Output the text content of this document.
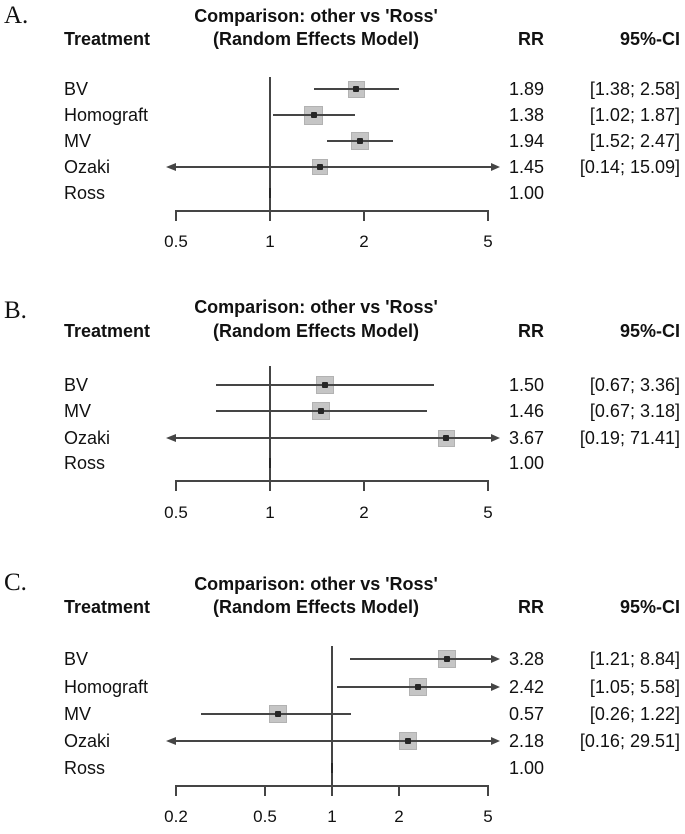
A.	Comparison: other vs 'Ross'
(Random Effects Model)
Treatment	RR	95%-CI
BV	1.89	[1.38; 2.58]
Homograft	1.38	[1.02; 1.87]
MV	1.94	[1.52; 2.47]
Ozaki	1.45 [0.14; 15.09]
Ross	1.00
0.5	1	2	5
B.	Comparison: other vs 'Ross'
(Random Effects Model)
Treatment	RR	95%-CI
BV	1.50	[0.67; 3.36]
MV	1.46	[0.67; 3.18]
Ozaki	3.67 [0.19; 71.41]
Ross	1.00
0.5	1	2	5
C.	Comparison: other vs 'Ross'
(Random Effects Model)
Treatment	RR	95%-CI
BV	3.28	[1.21; 8.84]
Homograft	2.42	[1.05; 5.58]
MV	0.57	[0.26; 1.22]
Ozaki	2.18 [0.16; 29.51]
Ross	1.00
0.2	0.5	1	2	5
